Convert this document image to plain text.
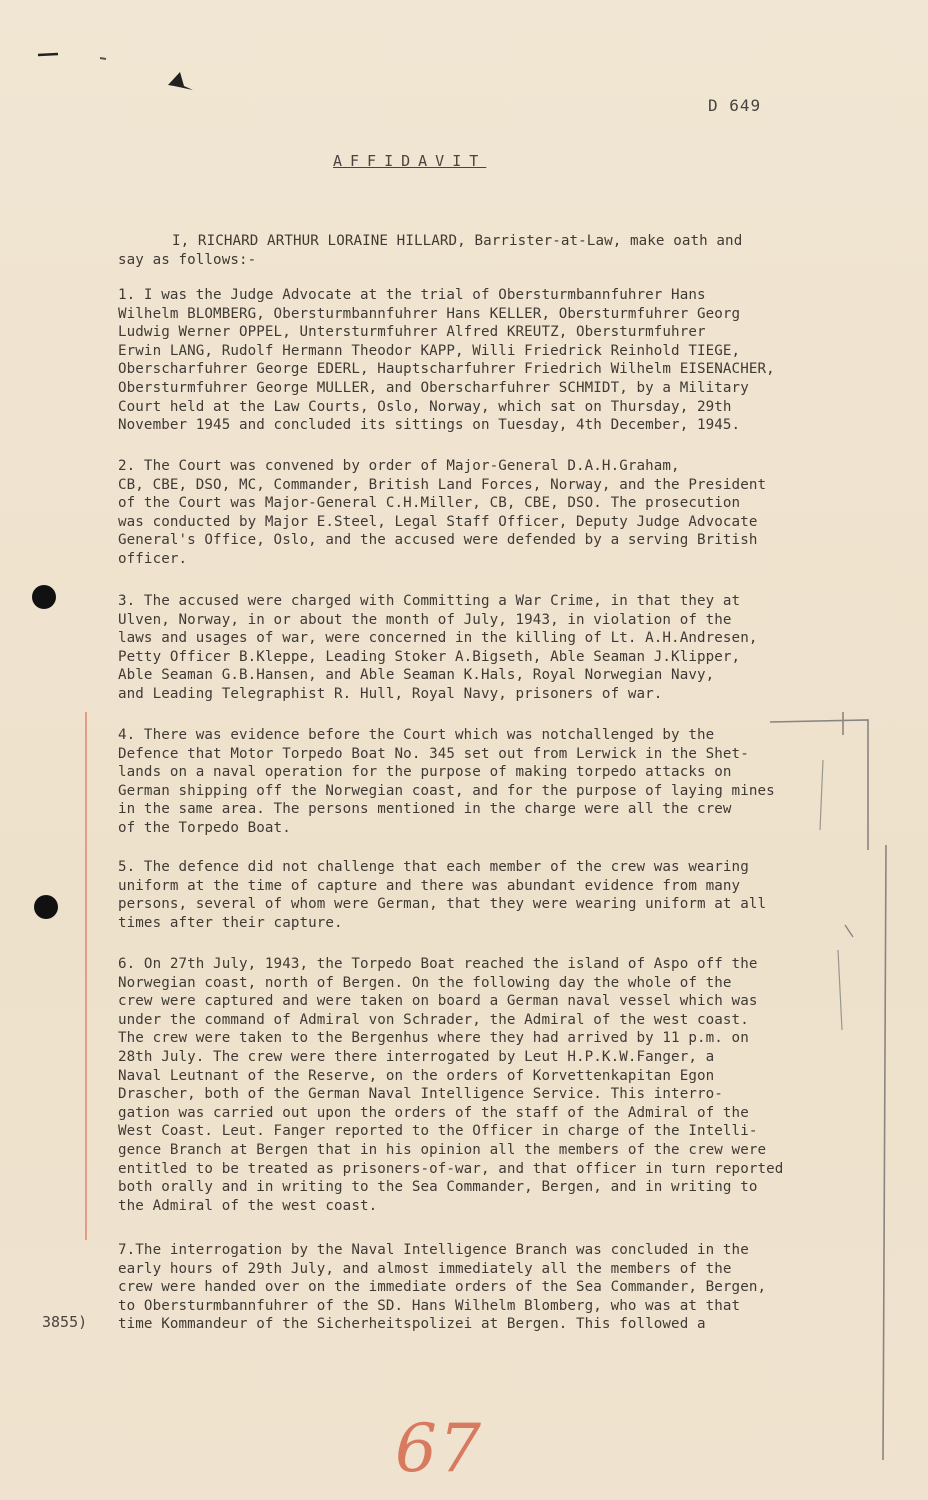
D 649
AFFIDAVIT

I, RICHARD ARTHUR LORAINE HILLARD, Barrister-at-Law, make oath and
say as follows:-

1. I was the Judge Advocate at the trial of Obersturmbannfuhrer Hans
Wilhelm BLOMBERG, Obersturmbannfuhrer Hans KELLER, Obersturmfuhrer Georg
Ludwig Werner OPPEL, Untersturmfuhrer Alfred KREUTZ, Obersturmfuhrer
Erwin LANG, Rudolf Hermann Theodor KAPP, Willi Friedrick Reinhold TIEGE,
Oberscharfuhrer George EDERL, Hauptscharfuhrer Friedrich Wilhelm EISENACHER,
Obersturmfuhrer George MULLER, and Oberscharfuhrer SCHMIDT, by a Military
Court held at the Law Courts, Oslo, Norway, which sat on Thursday, 29th
November 1945 and concluded its sittings on Tuesday, 4th December, 1945.

2. The Court was convened by order of Major-General D.A.H.Graham,
CB, CBE, DSO, MC, Commander, British Land Forces, Norway, and the President
of the Court was Major-General C.H.Miller, CB, CBE, DSO. The prosecution
was conducted by Major E.Steel, Legal Staff Officer, Deputy Judge Advocate
General's Office, Oslo, and the accused were defended by a serving British
officer.

3. The accused were charged with Committing a War Crime, in that they at
Ulven, Norway, in or about the month of July, 1943, in violation of the
laws and usages of war, were concerned in the killing of Lt. A.H.Andresen,
Petty Officer B.Kleppe, Leading Stoker A.Bigseth, Able Seaman J.Klipper,
Able Seaman G.B.Hansen, and Able Seaman K.Hals, Royal Norwegian Navy,
and Leading Telegraphist R. Hull, Royal Navy, prisoners of war.

4. There was evidence before the Court which was notchallenged by the
Defence that Motor Torpedo Boat No. 345 set out from Lerwick in the Shet-
lands on a naval operation for the purpose of making torpedo attacks on
German shipping off the Norwegian coast, and for the purpose of laying mines
in the same area. The persons mentioned in the charge were all the crew
of the Torpedo Boat.

5. The defence did not challenge that each member of the crew was wearing
uniform at the time of capture and there was abundant evidence from many
persons, several of whom were German, that they were wearing uniform at all
times after their capture.

6. On 27th July, 1943, the Torpedo Boat reached the island of Aspo off the
Norwegian coast, north of Bergen. On the following day the whole of the
crew were captured and were taken on board a German naval vessel which was
under the command of Admiral von Schrader, the Admiral of the west coast.
The crew were taken to the Bergenhus where they had arrived by 11 p.m. on
28th July. The crew were there interrogated by Leut H.P.K.W.Fanger, a
Naval Leutnant of the Reserve, on the orders of Korvettenkapitan Egon
Drascher, both of the German Naval Intelligence Service. This interro-
gation was carried out upon the orders of the staff of the Admiral of the
West Coast. Leut. Fanger reported to the Officer in charge of the Intelli-
gence Branch at Bergen that in his opinion all the members of the crew were
entitled to be treated as prisoners-of-war, and that officer in turn reported
both orally and in writing to the Sea Commander, Bergen, and in writing to
the Admiral of the west coast.

7.The interrogation by the Naval Intelligence Branch was concluded in the
early hours of 29th July, and almost immediately all the members of the
crew were handed over on the immediate orders of the Sea Commander, Bergen,
to Obersturmbannfuhrer of the SD. Hans Wilhelm Blomberg, who was at that
time Kommandeur of the Sicherheitspolizei at Bergen. This followed a

3855)
67
